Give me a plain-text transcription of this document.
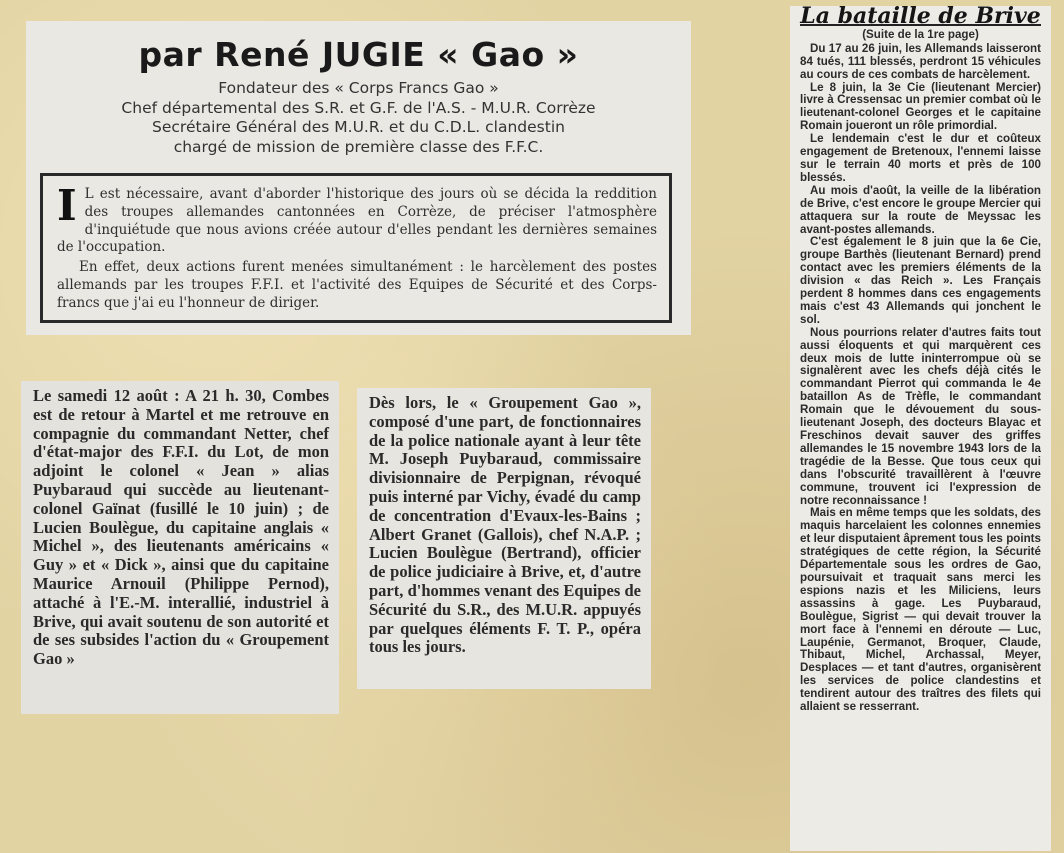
par René JUGIE « Gao »
Fondateur des « Corps Francs Gao »
Chef départemental des S.R. et G.F. de l'A.S. - M.U.R. Corrèze
Secrétaire Général des M.U.R. et du C.D.L. clandestin
chargé de mission de première classe des F.F.C.

I L est nécessaire, avant d'aborder l'historique des jours où se décida la reddition des troupes allemandes cantonnées en Corrèze, de préciser l'atmosphère d'inquiétude que nous avions créée autour d'elles pendant les dernières semaines de l'occupation.

En effet, deux actions furent menées simultanément : le harcèlement des postes allemands par les troupes F.F.I. et l'activité des Equipes de Sécurité et des Corps-francs que j'ai eu l'honneur de diriger.

Le samedi 12 août : A 21 h. 30, Combes est de retour à Martel et me retrouve en compagnie du commandant Netter, chef d'état-major des F.F.I. du Lot, de mon adjoint le colonel « Jean » alias Puybaraud qui succède au lieutenant-colonel Gaïnat (fusillé le 10 juin) ; de Lucien Boulègue, du capitaine anglais « Michel », des lieutenants américains « Guy » et « Dick », ainsi que du capitaine Maurice Arnouil (Philippe Pernod), attaché à l'E.-M. interallié, industriel à Brive, qui avait soutenu de son autorité et de ses subsides l'action du « Groupement Gao »

Dès lors, le « Groupement Gao », composé d'une part, de fonctionnaires de la police nationale ayant à leur tête M. Joseph Puybaraud, commissaire divisionnaire de Perpignan, révoqué puis interné par Vichy, évadé du camp de concentration d'Evaux-les-Bains ; Albert Granet (Gallois), chef N.A.P. ; Lucien Boulègue (Bertrand), officier de police judiciaire à Brive, et, d'autre part, d'hommes venant des Equipes de Sécurité du S.R., des M.U.R. appuyés par quelques éléments F. T. P., opéra tous les jours.

La bataille de Brive
(Suite de la 1re page)

Du 17 au 26 juin, les Allemands laisseront 84 tués, 111 blessés, perdront 15 véhicules au cours de ces combats de harcèlement.

Le 8 juin, la 3e Cie (lieutenant Mercier) livre à Cressensac un premier combat où le lieutenant-colonel Georges et le capitaine Romain joueront un rôle primordial.

Le lendemain c'est le dur et coûteux engagement de Bretenoux, l'ennemi laisse sur le terrain 40 morts et près de 100 blessés.

Au mois d'août, la veille de la libération de Brive, c'est encore le groupe Mercier qui attaquera sur la route de Meyssac les avant-postes allemands.

C'est également le 8 juin que la 6e Cie, groupe Barthès (lieutenant Bernard) prend contact avec les premiers éléments de la division « das Reich ». Les Français perdent 8 hommes dans ces engagements mais c'est 43 Allemands qui jonchent le sol.

Nous pourrions relater d'autres faits tout aussi éloquents et qui marquèrent ces deux mois de lutte ininterrompue où se signalèrent avec les chefs déjà cités le commandant Pierrot qui commanda le 4e bataillon As de Trèfle, le commandant Romain que le dévouement du sous-lieutenant Joseph, des docteurs Blayac et Freschinos devait sauver des griffes allemandes le 15 novembre 1943 lors de la tragédie de la Besse. Que tous ceux qui dans l'obscurité travaillèrent à l'œuvre commune, trouvent ici l'expression de notre reconnaissance !

Mais en même temps que les soldats, des maquis harcelaient les colonnes ennemies et leur disputaient âprement tous les points stratégiques de cette région, la Sécurité Départementale sous les ordres de Gao, poursuivait et traquait sans merci les espions nazis et les Miliciens, leurs assassins à gage. Les Puybaraud, Boulègue, Sigrist — qui devait trouver la mort face à l'ennemi en déroute — Luc, Laupénie, Germanot, Broquer, Claude, Thibaut, Michel, Archassal, Meyer, Desplaces — et tant d'autres, organisèrent les services de police clandestins et tendirent autour des traîtres des filets qui allaient se resserrant.
